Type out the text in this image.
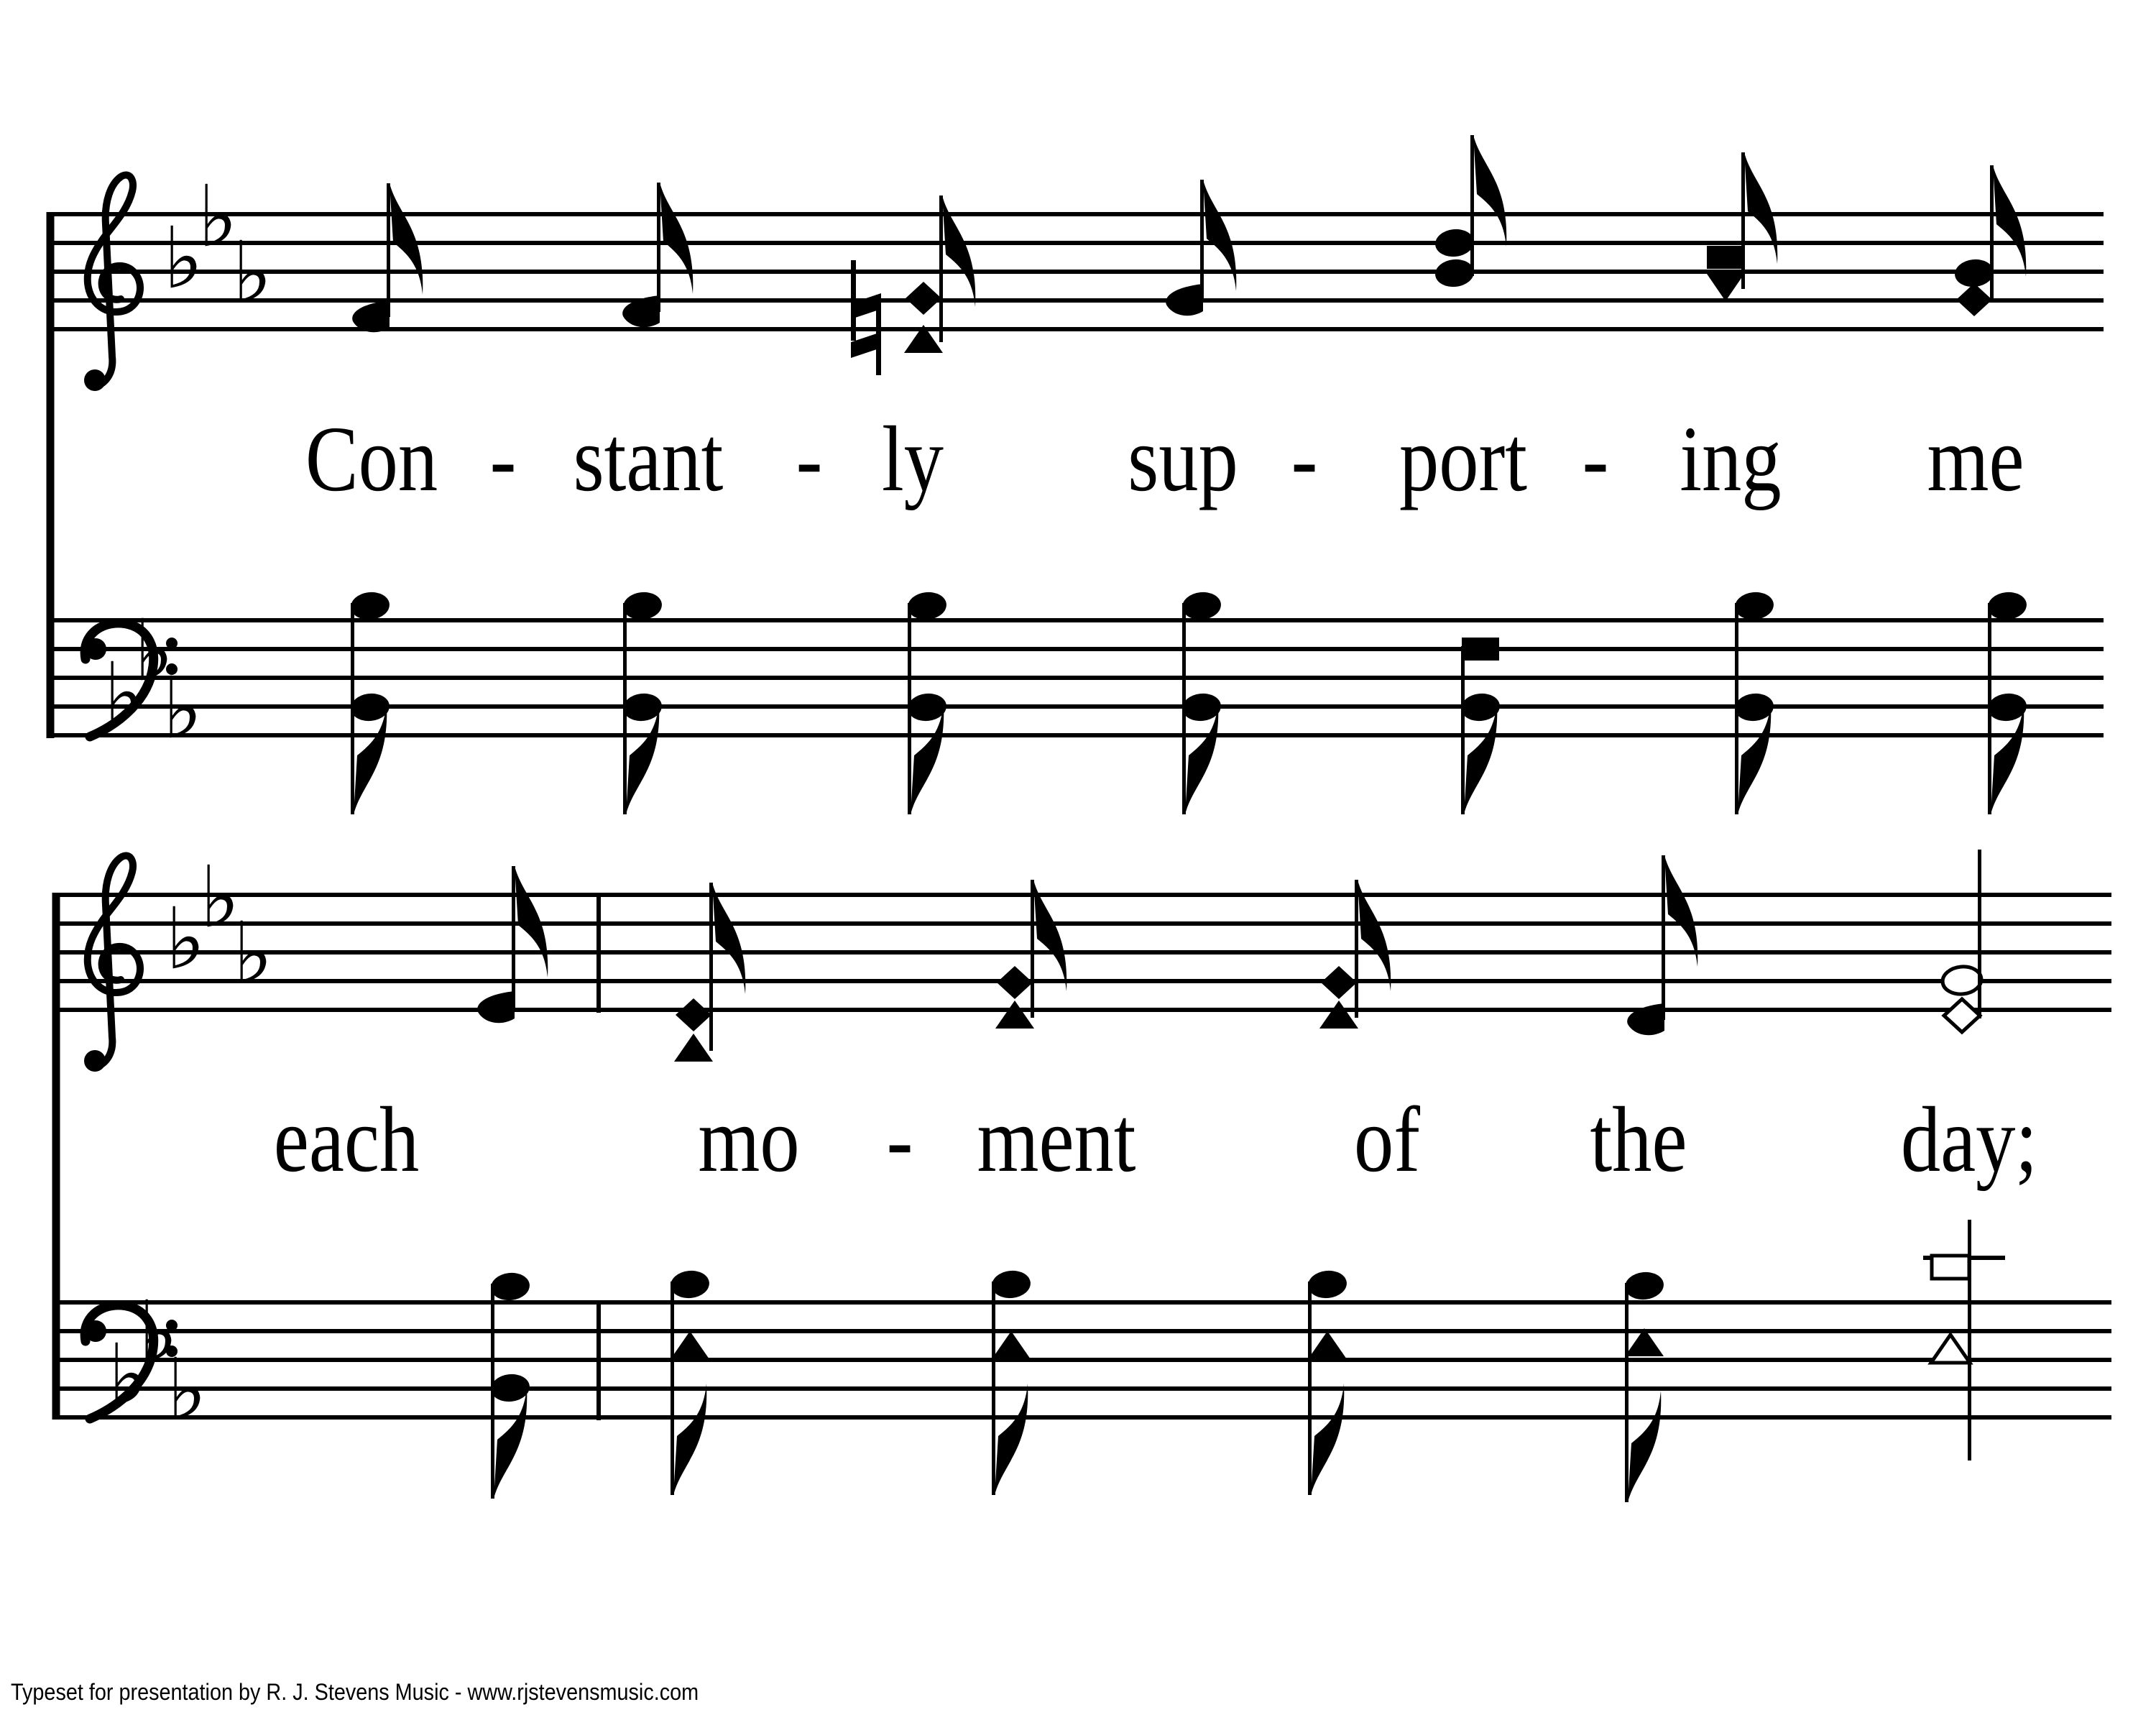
♭
♭
♭
♭
♭
♭
♭
♭
♭
♭
♭
♭
Con - stant - ly sup - port - ing me
each	mo - ment of the day;
Typeset for presentation by R. J. Stevens Music - www.rjstevensmusic.com
